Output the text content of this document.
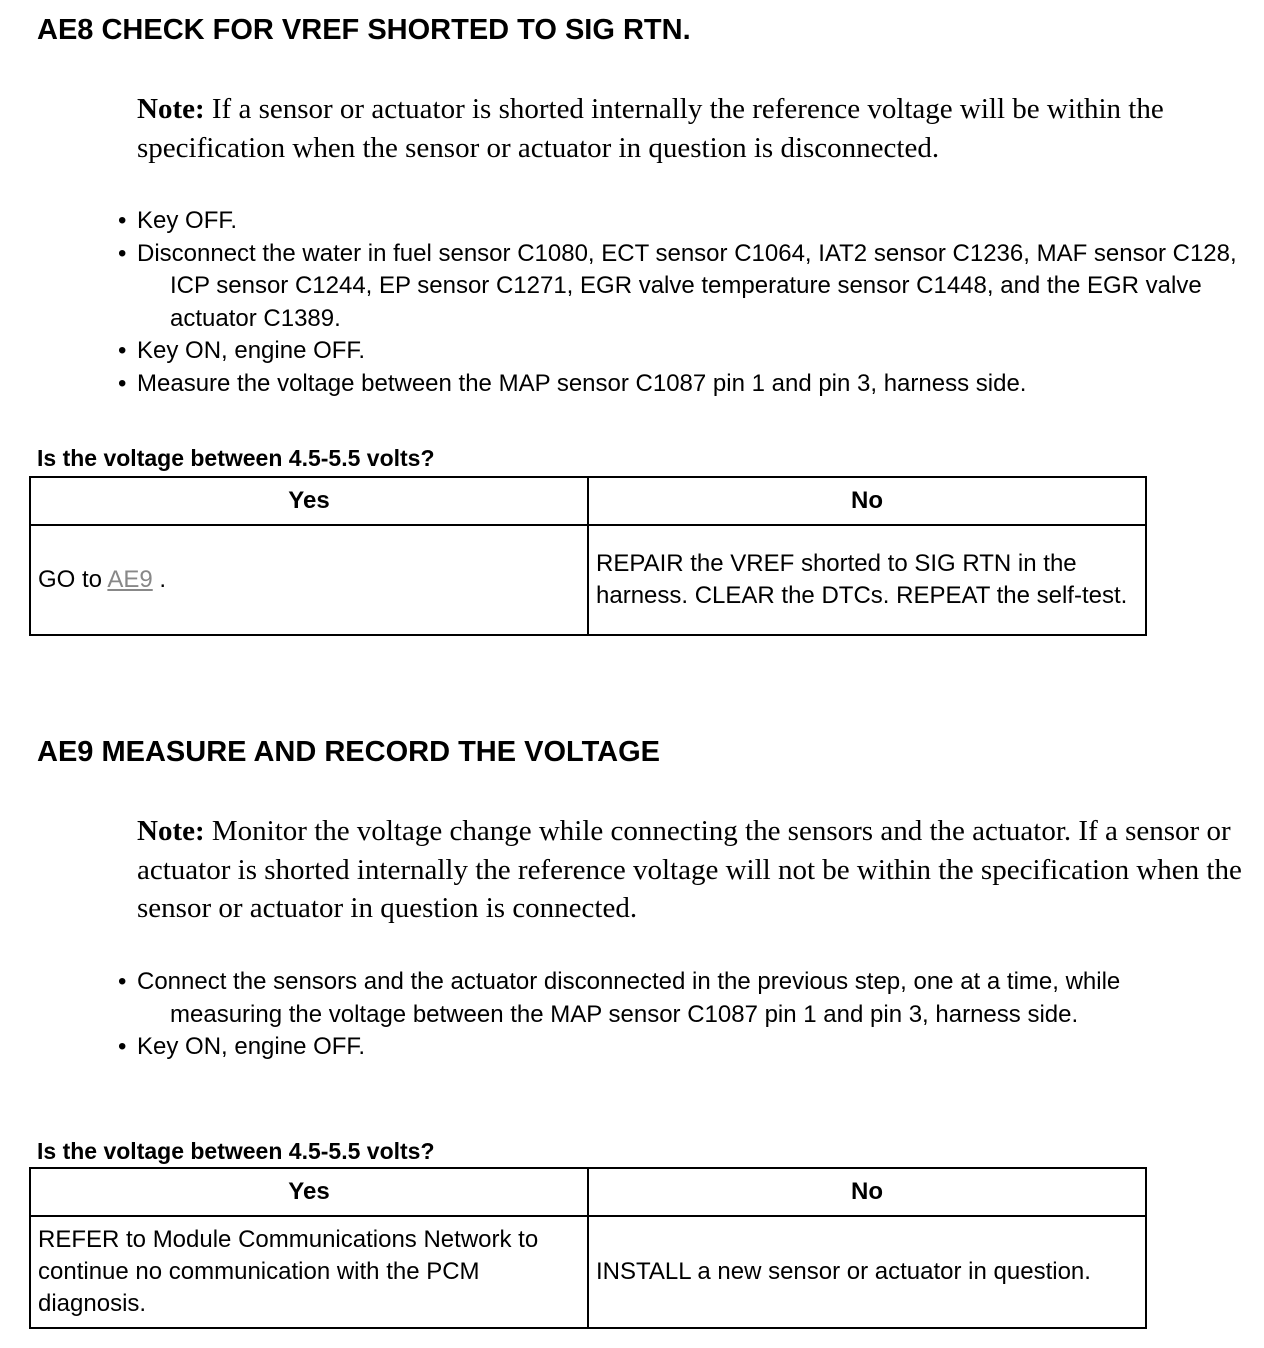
AE8 CHECK FOR VREF SHORTED TO SIG RTN.
Note: If a sensor or actuator is shorted internally the reference voltage will be within the specification when the sensor or actuator in question is disconnected.
• Key OFF.
• Disconnect the water in fuel sensor C1080, ECT sensor C1064, IAT2 sensor C1236, MAF sensor C128, ICP sensor C1244, EP sensor C1271, EGR valve temperature sensor C1448, and the EGR valve actuator C1389.
• Key ON, engine OFF.
• Measure the voltage between the MAP sensor C1087 pin 1 and pin 3, harness side.
Is the voltage between 4.5-5.5 volts?
Yes	No
GO to AE9 .	REPAIR the VREF shorted to SIG RTN in the harness. CLEAR the DTCs. REPEAT the self-test.
AE9 MEASURE AND RECORD THE VOLTAGE
Note: Monitor the voltage change while connecting the sensors and the actuator. If a sensor or actuator is shorted internally the reference voltage will not be within the specification when the sensor or actuator in question is connected.
• Connect the sensors and the actuator disconnected in the previous step, one at a time, while measuring the voltage between the MAP sensor C1087 pin 1 and pin 3, harness side.
• Key ON, engine OFF.
Is the voltage between 4.5-5.5 volts?
Yes	No
REFER to Module Communications Network to continue no communication with the PCM diagnosis.	INSTALL a new sensor or actuator in question.
